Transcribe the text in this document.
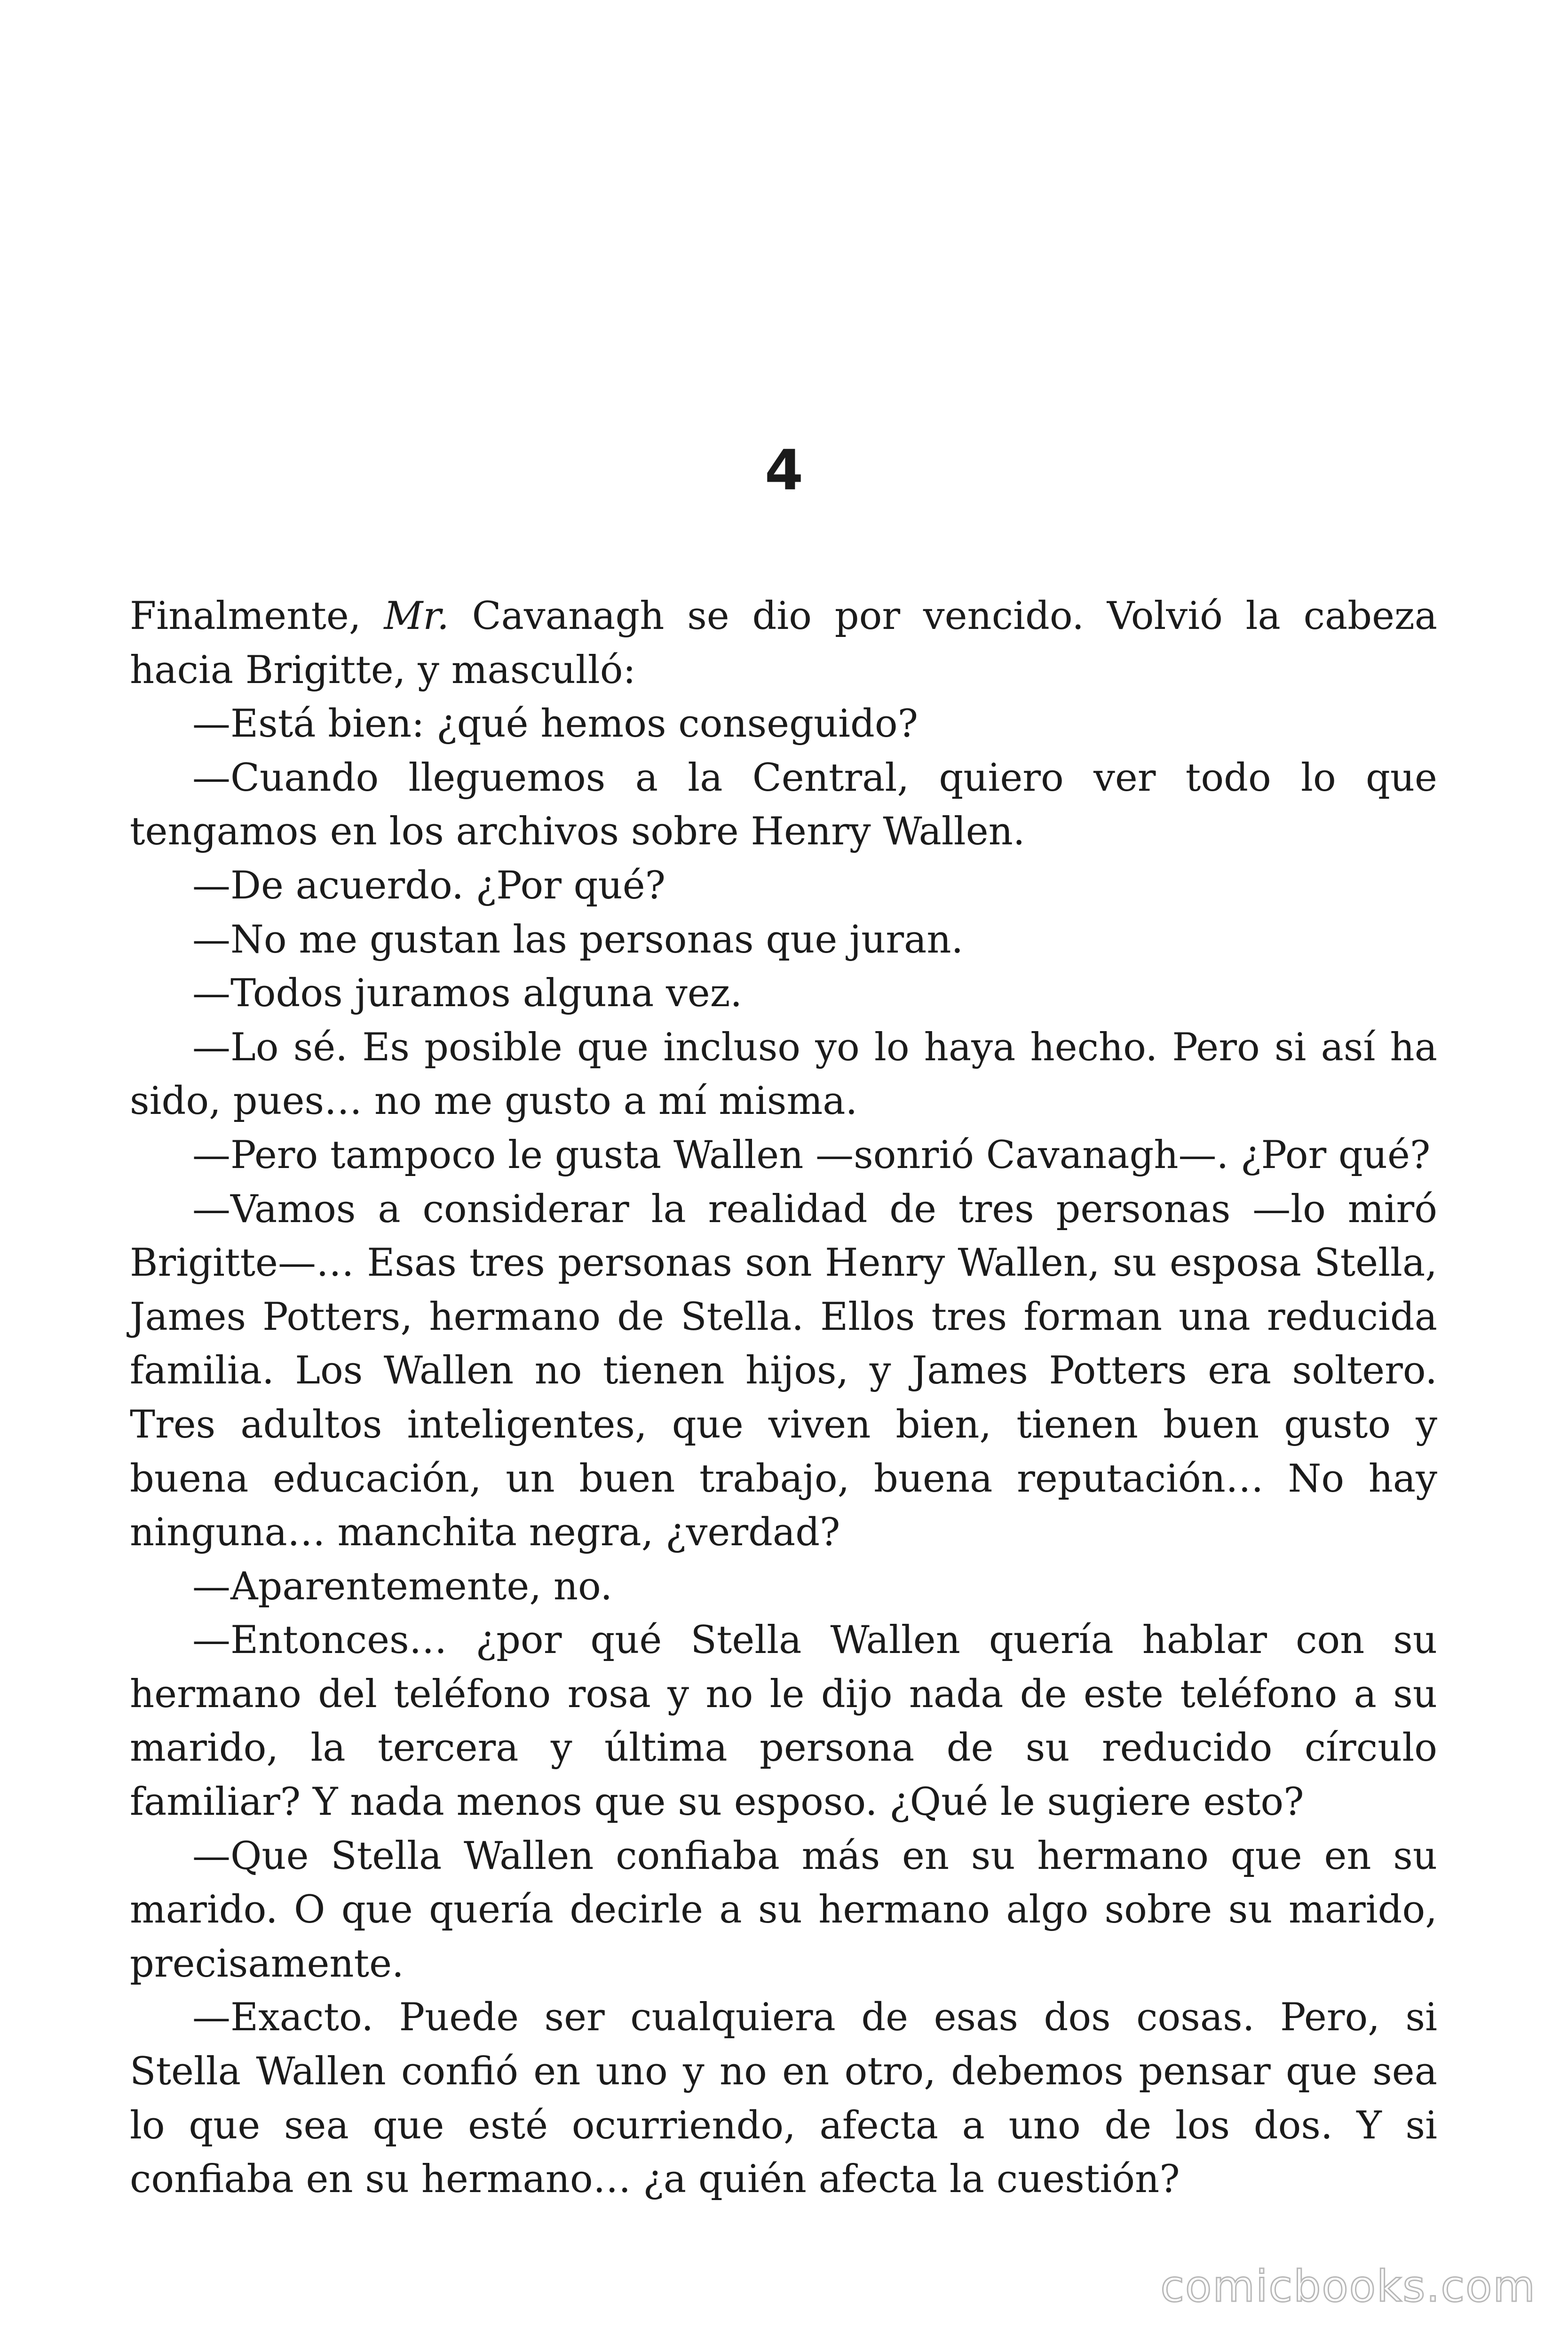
4

Finalmente, Mr. Cavanagh se dio por vencido. Volvió la cabeza hacia Brigitte, y masculló:

—Está bien: ¿qué hemos conseguido?

—Cuando lleguemos a la Central, quiero ver todo lo que tengamos en los archivos sobre Henry Wallen.

—De acuerdo. ¿Por qué?

—No me gustan las personas que juran.

—Todos juramos alguna vez.

—Lo sé. Es posible que incluso yo lo haya hecho. Pero si así ha sido, pues… no me gusto a mí misma.

—Pero tampoco le gusta Wallen —sonrió Cavanagh—. ¿Por qué?

—Vamos a considerar la realidad de tres personas —lo miró Brigitte—… Esas tres personas son Henry Wallen, su esposa Stella, James Potters, hermano de Stella. Ellos tres forman una reducida familia. Los Wallen no tienen hijos, y James Potters era soltero. Tres adultos inteligentes, que viven bien, tienen buen gusto y buena educación, un buen trabajo, buena reputación… No hay ninguna… manchita negra, ¿verdad?

—Aparentemente, no.

—Entonces… ¿por qué Stella Wallen quería hablar con su hermano del teléfono rosa y no le dijo nada de este teléfono a su marido, la tercera y última persona de su reducido círculo familiar? Y nada menos que su esposo. ¿Qué le sugiere esto?

—Que Stella Wallen confiaba más en su hermano que en su marido. O que quería decirle a su hermano algo sobre su marido, precisamente.

—Exacto. Puede ser cualquiera de esas dos cosas. Pero, si Stella Wallen confió en uno y no en otro, debemos pensar que sea lo que sea que esté ocurriendo, afecta a uno de los dos. Y si confiaba en su hermano… ¿a quién afecta la cuestión?

comicbooks.com
